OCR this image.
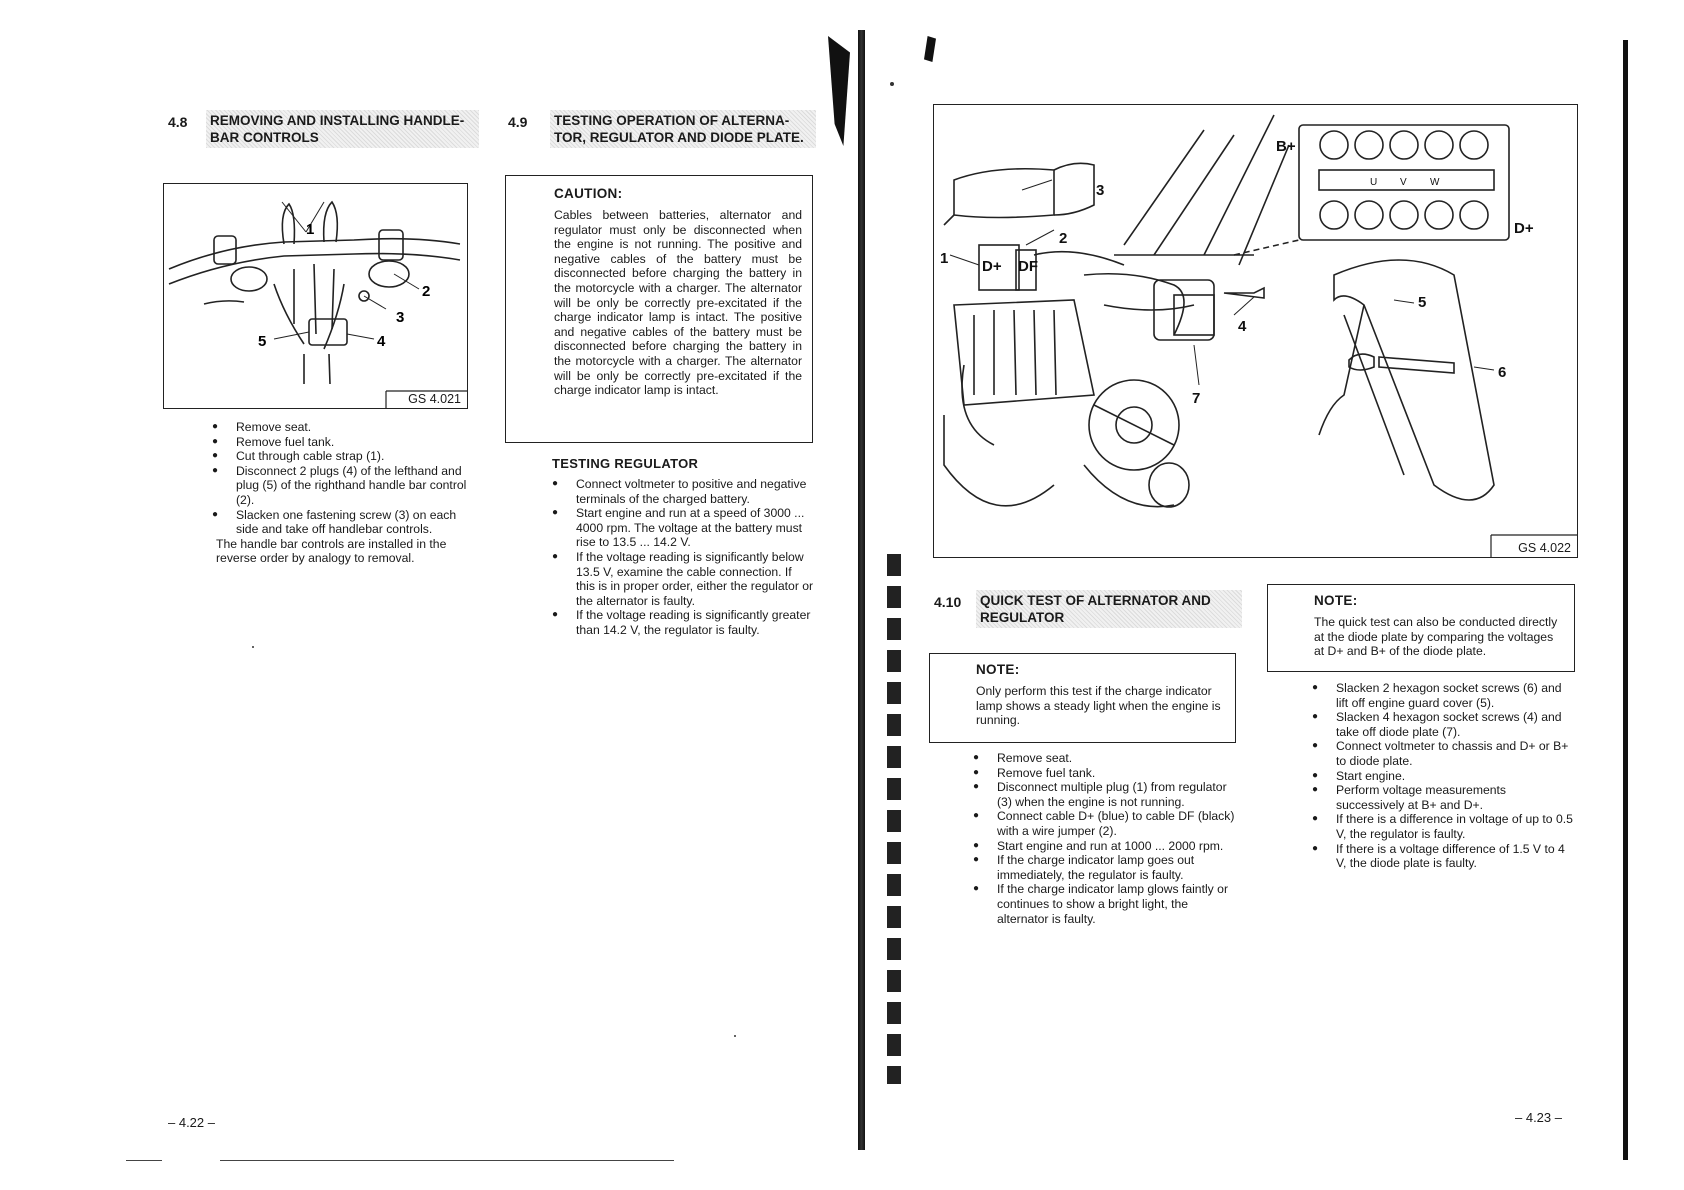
4.8 REMOVING AND INSTALLING HANDLE-
BAR CONTROLS
1
2
3
4
5
GS 4.021
● Remove seat.
● Remove fuel tank.
● Cut through cable strap (1).
● Disconnect 2 plugs (4) of the lefthand and plug (5) of the righthand handle bar control (2).
● Slacken one fastening screw (3) on each side and take off handlebar controls.
The handle bar controls are installed in the reverse order by analogy to removal.
4.9 TESTING OPERATION OF ALTERNA-
TOR, REGULATOR AND DIODE PLATE.
CAUTION:
Cables between batteries, alternator and regulator must only be disconnected when the engine is not running. The positive and negative cables of the battery must be disconnected before charging the battery in the motorcycle with a charger. The alternator will be only be correctly pre-excitated if the charge indicator lamp is intact. The positive and negative cables of the battery must be disconnected before charging the battery in the motorcycle with a charger. The alternator will be only be correctly pre-excitated if the charge indicator lamp is intact.
TESTING REGULATOR
● Connect voltmeter to positive and negative terminals of the charged battery.
● Start engine and run at a speed of 3000 ... 4000 rpm. The voltage at the battery must rise to 13.5 ... 14.2 V.
● If the voltage reading is significantly below 13.5 V, examine the cable connection. If this is in proper order, either the regulator or the alternator is faulty.
● If the voltage reading is significantly greater than 14.2 V, the regulator is faulty.
– 4.22 –
1
2
3
4
5
6
7
B+
D+
D+ DF
U V W
GS 4.022
4.10 QUICK TEST OF ALTERNATOR AND
REGULATOR
NOTE:
Only perform this test if the charge indicator lamp shows a steady light when the engine is running.
● Remove seat.
● Remove fuel tank.
● Disconnect multiple plug (1) from regulator (3) when the engine is not running.
● Connect cable D+ (blue) to cable DF (black) with a wire jumper (2).
● Start engine and run at 1000 ... 2000 rpm.
● If the charge indicator lamp goes out immediately, the regulator is faulty.
● If the charge indicator lamp glows faintly or continues to show a bright light, the alternator is faulty.
NOTE:
The quick test can also be conducted directly at the diode plate by comparing the voltages at D+ and B+ of the diode plate.
● Slacken 2 hexagon socket screws (6) and lift off engine guard cover (5).
● Slacken 4 hexagon socket screws (4) and take off diode plate (7).
● Connect voltmeter to chassis and D+ or B+ to diode plate.
● Start engine.
● Perform voltage measurements successively at B+ and D+.
● If there is a difference in voltage of up to 0.5 V, the regulator is faulty.
● If there is a voltage difference of 1.5 V to 4 V, the diode plate is faulty.
– 4.23 –
